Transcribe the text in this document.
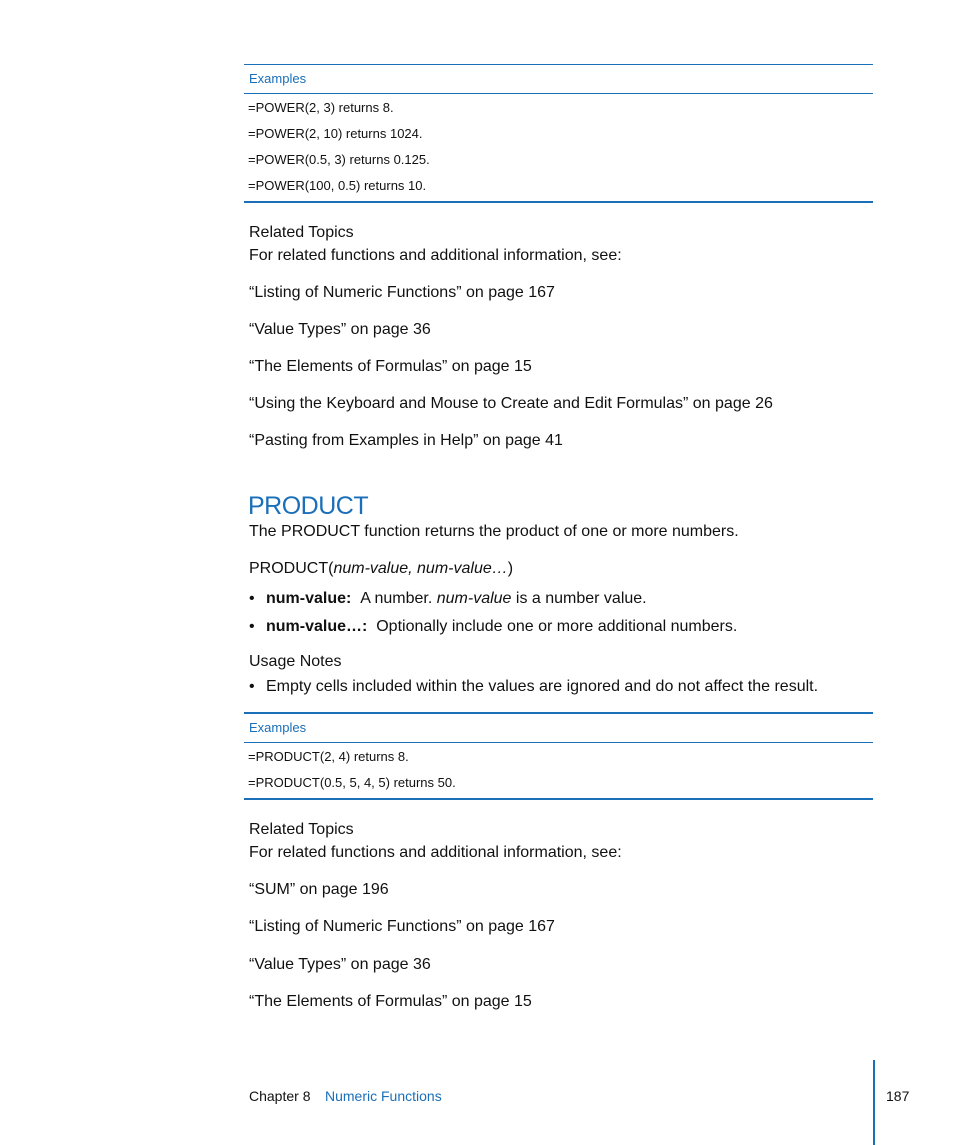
Examples
=POWER(2, 3) returns 8.
=POWER(2, 10) returns 1024.
=POWER(0.5, 3) returns 0.125.
=POWER(100, 0.5) returns 10.
Related Topics
For related functions and additional information, see:
“Listing of Numeric Functions” on page 167
“Value Types” on page 36
“The Elements of Formulas” on page 15
“Using the Keyboard and Mouse to Create and Edit Formulas” on page 26
“Pasting from Examples in Help” on page 41
PRODUCT
The PRODUCT function returns the product of one or more numbers.
PRODUCT(num-value, num-value…)
• num-value: A number. num-value is a number value.
• num-value…: Optionally include one or more additional numbers.
Usage Notes
• Empty cells included within the values are ignored and do not affect the result.
Examples
=PRODUCT(2, 4) returns 8.
=PRODUCT(0.5, 5, 4, 5) returns 50.
Related Topics
For related functions and additional information, see:
“SUM” on page 196
“Listing of Numeric Functions” on page 167
“Value Types” on page 36
“The Elements of Formulas” on page 15
Chapter 8 Numeric Functions	187
